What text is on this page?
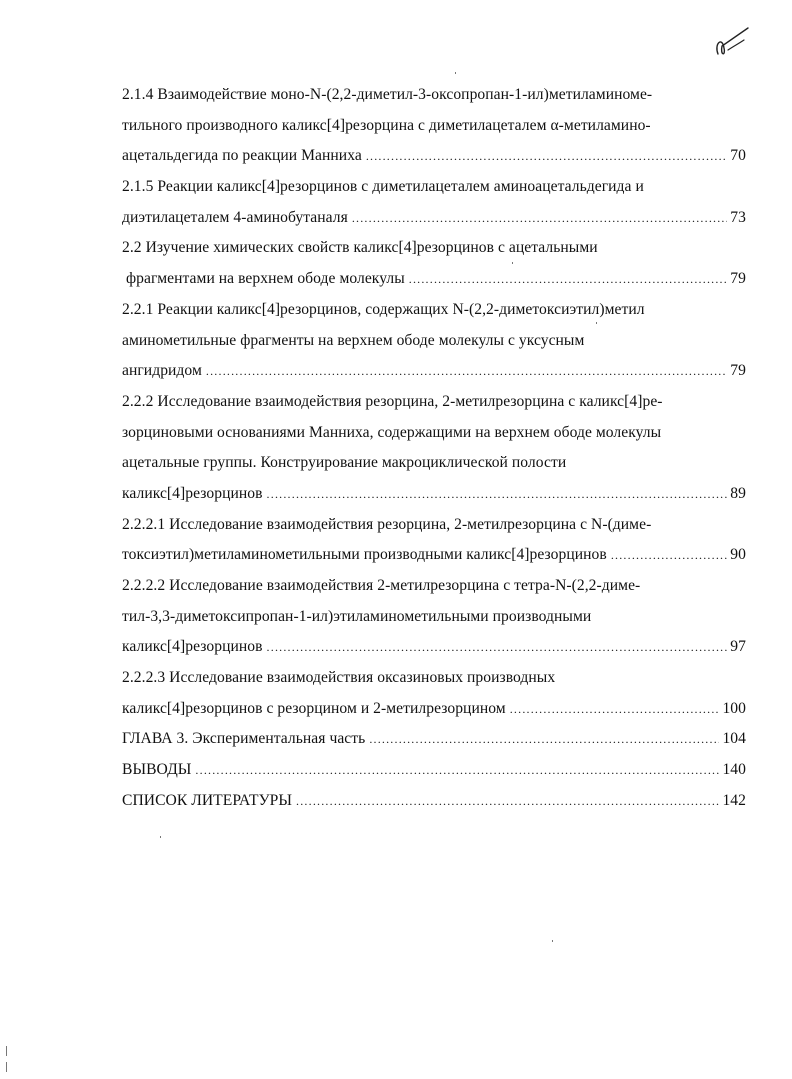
2.1.4 Взаимодействие моно-N-(2,2-диметил-3-оксопропан-1-ил)метиламиноме-
тильного производного каликс[4]резорцина с диметилацеталем α-метиламино-
ацетальдегида по реакции Манниха .....	70
2.1.5 Реакции каликс[4]резорцинов с диметилацеталем аминоацетальдегида и
диэтилацеталем 4-аминобутаналя .....	73
2.2 Изучение химических свойств каликс[4]резорцинов с ацетальными
фрагментами на верхнем ободе молекулы .....	79
2.2.1 Реакции каликс[4]резорцинов, содержащих N-(2,2-диметоксиэтил)метил
аминометильные фрагменты на верхнем ободе молекулы с уксусным
ангидридом .....	79
2.2.2 Исследование взаимодействия резорцина, 2-метилрезорцина с каликс[4]ре-
зорциновыми основаниями Манниха, содержащими на верхнем ободе молекулы
ацетальные группы. Конструирование макроциклической полости
каликс[4]резорцинов .....	89
2.2.2.1 Исследование взаимодействия резорцина, 2-метилрезорцина с N-(диме-
токсиэтил)метиламинометильными производными каликс[4]резорцинов .....	90
2.2.2.2 Исследование взаимодействия 2-метилрезорцина с тетра-N-(2,2-диме-
тил-3,3-диметоксипропан-1-ил)этиламинометильными производными
каликс[4]резорцинов .....	97
2.2.2.3 Исследование взаимодействия оксазиновых производных
каликс[4]резорцинов с резорцином и 2-метилрезорцином .....	100
ГЛАВА 3. Экспериментальная часть .....	104
ВЫВОДЫ .....	140
СПИСОК ЛИТЕРАТУРЫ .....	142
